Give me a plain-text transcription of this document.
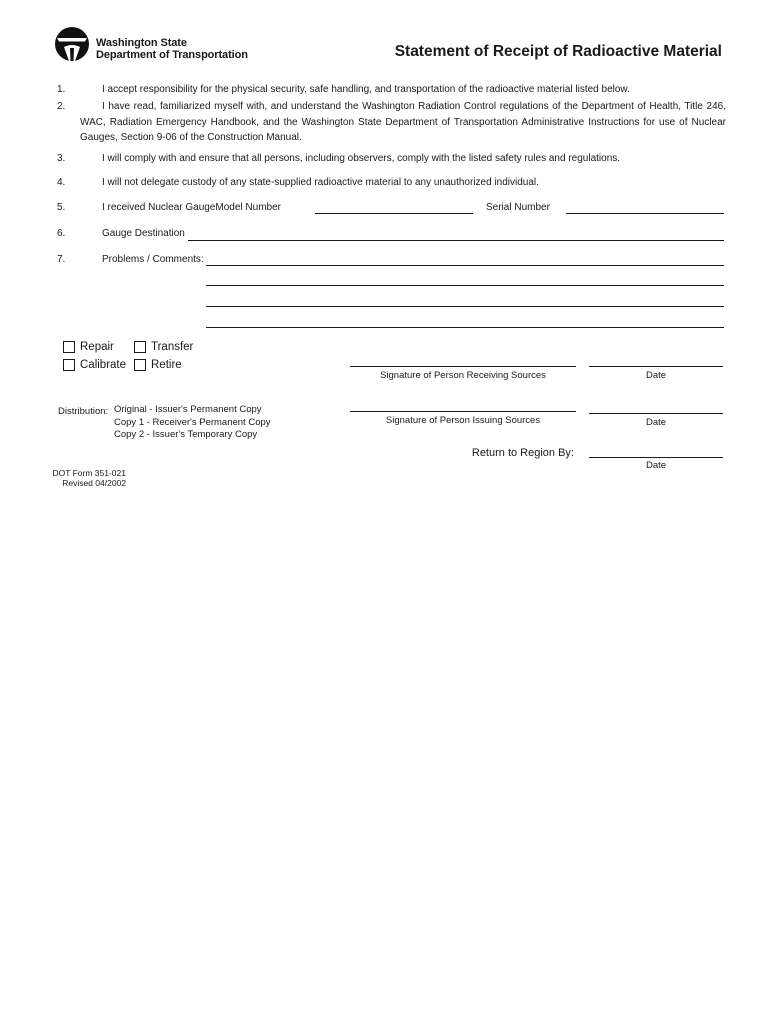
Washington State
Department of Transportation	Statement of Receipt of Radioactive Material
1.	I accept responsibility for the physical security, safe handling, and transportation of the radioactive material listed below.
2.	I have read, familiarized myself with, and understand the Washington Radiation Control regulations of the Department of Health, Title 246, WAC, Radiation Emergency Handbook, and the Washington State Department of Transportation Administrative Instructions for use of Nuclear Gauges, Section 9-06 of the Construction Manual.
3.	I will comply with and ensure that all persons, including observers, comply with the listed safety rules and regulations.
4.	I will not delegate custody of any state-supplied radioactive material to any unauthorized individual.
5.	I received Nuclear GaugeModel Number	Serial Number
6.	Gauge Destination
7.	Problems / Comments:
Repair	Transfer
Calibrate Retire
Signature of Person Receiving Sources	Date
Signature of Person Issuing Sources	Date
Return to Region By:
Date
Distribution: Original - Issuer's Permanent Copy
Copy 1 - Receiver's Permanent Copy
Copy 2 - Issuer's Temporary Copy
DOT Form 351-021
Revised 04/2002
